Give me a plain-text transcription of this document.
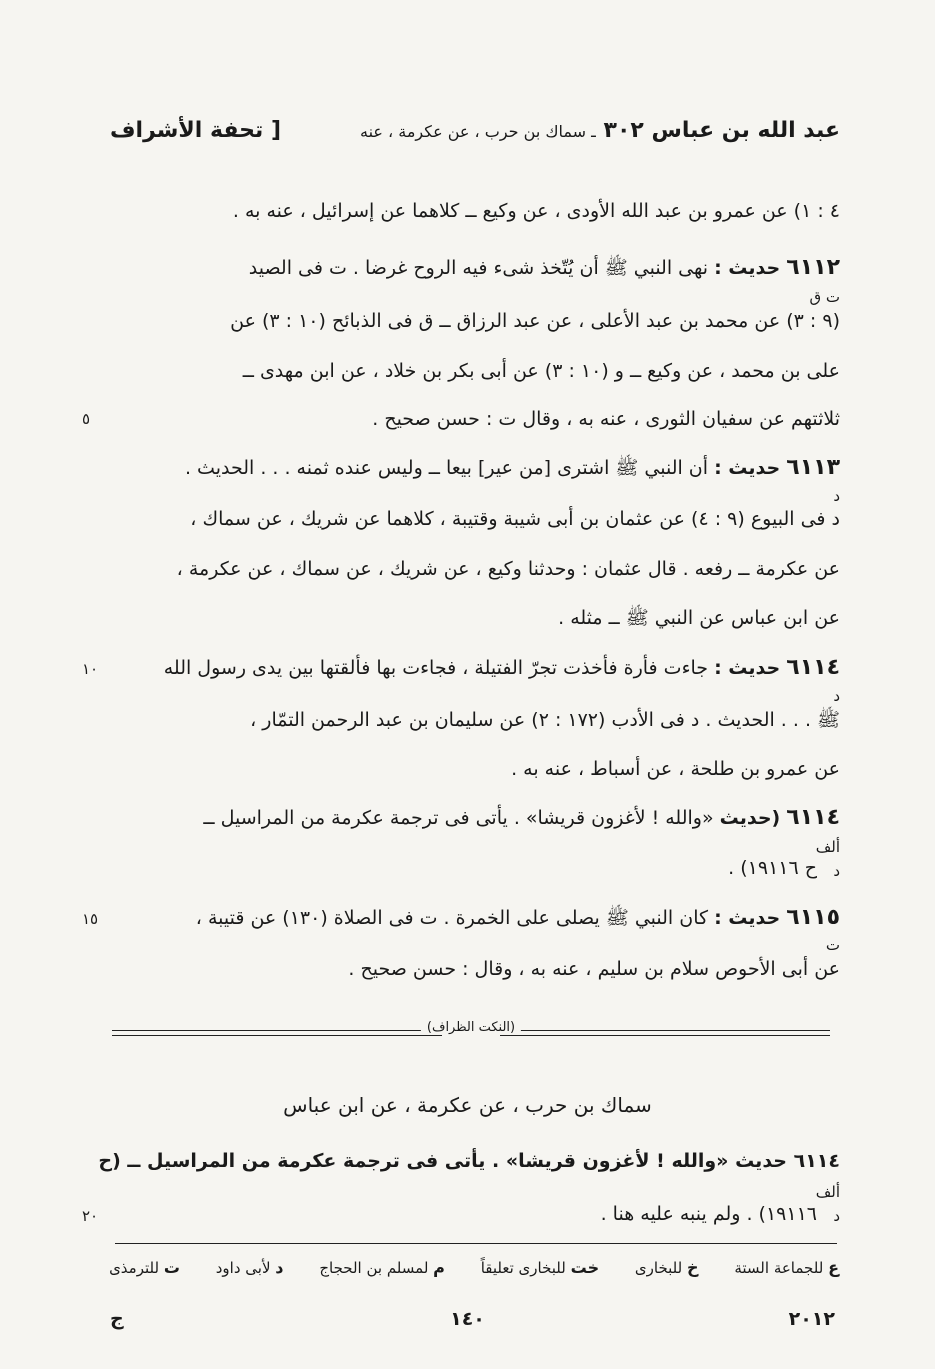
عبد الله بن عباس ٣٠٢ ـ سماك بن حرب ، عن عكرمة ، عنه
[ تحفة الأشراف
٤ : ١) عن عمرو بن عبد الله الأودى ، عن وكيع ــ كلاهما عن إسرائيل ، عنه به .
٦١١٢ حديث : نهى النبي ﷺ أن يُتّخذ شىء فيه الروح غرضا . ت فى الصيد
ت ق
(٩ : ٣) عن محمد بن عبد الأعلى ، عن عبد الرزاق ــ ق فى الذبائح (١٠ : ٣) عن
على بن محمد ، عن وكيع ــ و (١٠ : ٣) عن أبى بكر بن خلاد ، عن ابن مهدى ــ
ثلاثتهم عن سفيان الثورى ، عنه به ، وقال ت : حسن صحيح .
٥
٦١١٣ حديث : أن النبي ﷺ اشترى [من عير] بيعا ــ وليس عنده ثمنه . . . الحديث .
د
د فى البيوع (٩ : ٤) عن عثمان بن أبى شيبة وقتيبة ، كلاهما عن شريك ، عن سماك ،
عن عكرمة ــ رفعه . قال عثمان : وحدثنا وكيع ، عن شريك ، عن سماك ، عن عكرمة ،
عن ابن عباس عن النبي ﷺ ــ مثله .
٦١١٤ حديث : جاءت فأرة فأخذت تجرّ الفتيلة ، فجاءت بها فألقتها بين يدى رسول الله
١٠
د
ﷺ . . . الحديث . د فى الأدب (١٧٢ : ٢) عن سليمان بن عبد الرحمن التمّار ،
عن عمرو بن طلحة ، عن أسباط ، عنه به .
٦١١٤ (حديث «والله ! لأغزون قريشا» . يأتى فى ترجمة عكرمة من المراسيل ــ
ألف
د
ح ١٩١١٦) .
٦١١٥ حديث : كان النبي ﷺ يصلى على الخمرة . ت فى الصلاة (١٣٠) عن قتيبة ،
١٥
ت
عن أبى الأحوص سلام بن سليم ، عنه به ، وقال : حسن صحيح .
(النكت الظراف)
سماك بن حرب ، عن عكرمة ، عن ابن عباس
٦١١٤ حديث «والله ! لأغزون قريشا» . يأتى فى ترجمة عكرمة من المراسيل ــ (ح
ألف
د
١٩١١٦) . ولم ينبه عليه هنا .
٢٠
ع للجماعة الستة
خ للبخارى
خت للبخارى تعليقاً
م لمسلم بن الحجاج
د لأبى داود
ت للترمذى
٢٠١٢
١٤٠
ج
